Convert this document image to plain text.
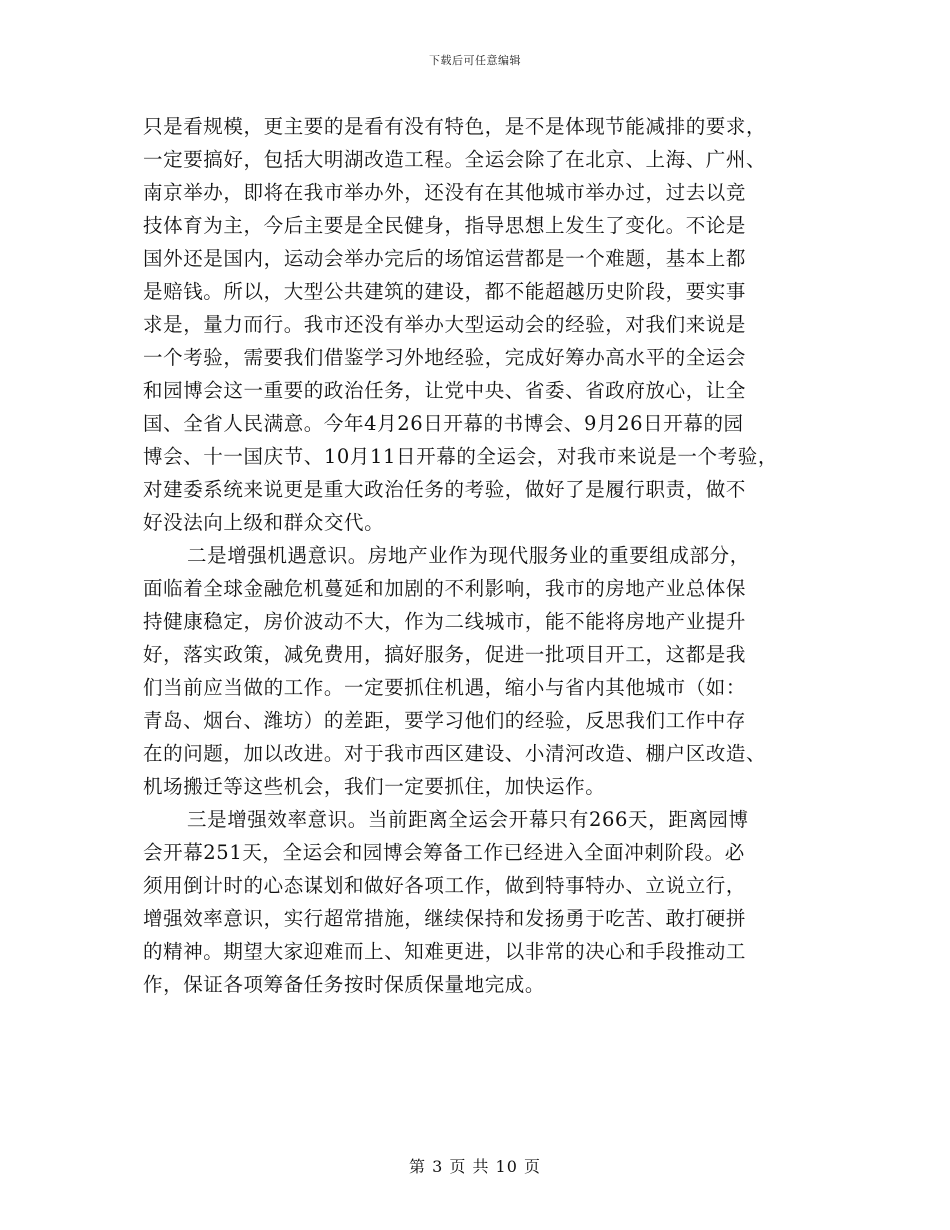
下载后可任意编辑
只是看规模，更主要的是看有没有特色，是不是体现节能减排的要求，
一定要搞好，包括大明湖改造工程。全运会除了在北京、上海、广州、
南京举办，即将在我市举办外，还没有在其他城市举办过，过去以竞
技体育为主，今后主要是全民健身，指导思想上发生了变化。不论是
国外还是国内，运动会举办完后的场馆运营都是一个难题，基本上都
是赔钱。所以，大型公共建筑的建设，都不能超越历史阶段，要实事
求是，量力而行。我市还没有举办大型运动会的经验，对我们来说是
一个考验，需要我们借鉴学习外地经验，完成好筹办高水平的全运会
和园博会这一重要的政治任务，让党中央、省委、省政府放心，让全
国、全省人民满意。今年4月26日开幕的书博会、9月26日开幕的园
博会、十一国庆节、10月11日开幕的全运会，对我市来说是一个考验，
对建委系统来说更是重大政治任务的考验，做好了是履行职责，做不
好没法向上级和群众交代。
二是增强机遇意识。房地产业作为现代服务业的重要组成部分，
面临着全球金融危机蔓延和加剧的不利影响，我市的房地产业总体保
持健康稳定，房价波动不大，作为二线城市，能不能将房地产业提升
好，落实政策，减免费用，搞好服务，促进一批项目开工，这都是我
们当前应当做的工作。一定要抓住机遇，缩小与省内其他城市（如：
青岛、烟台、潍坊）的差距，要学习他们的经验，反思我们工作中存
在的问题，加以改进。对于我市西区建设、小清河改造、棚户区改造、
机场搬迁等这些机会，我们一定要抓住，加快运作。
三是增强效率意识。当前距离全运会开幕只有266天，距离园博
会开幕251天，全运会和园博会筹备工作已经进入全面冲刺阶段。必
须用倒计时的心态谋划和做好各项工作，做到特事特办、立说立行，
增强效率意识，实行超常措施，继续保持和发扬勇于吃苦、敢打硬拼
的精神。期望大家迎难而上、知难更进，以非常的决心和手段推动工
作，保证各项筹备任务按时保质保量地完成。
第 3 页 共 10 页
